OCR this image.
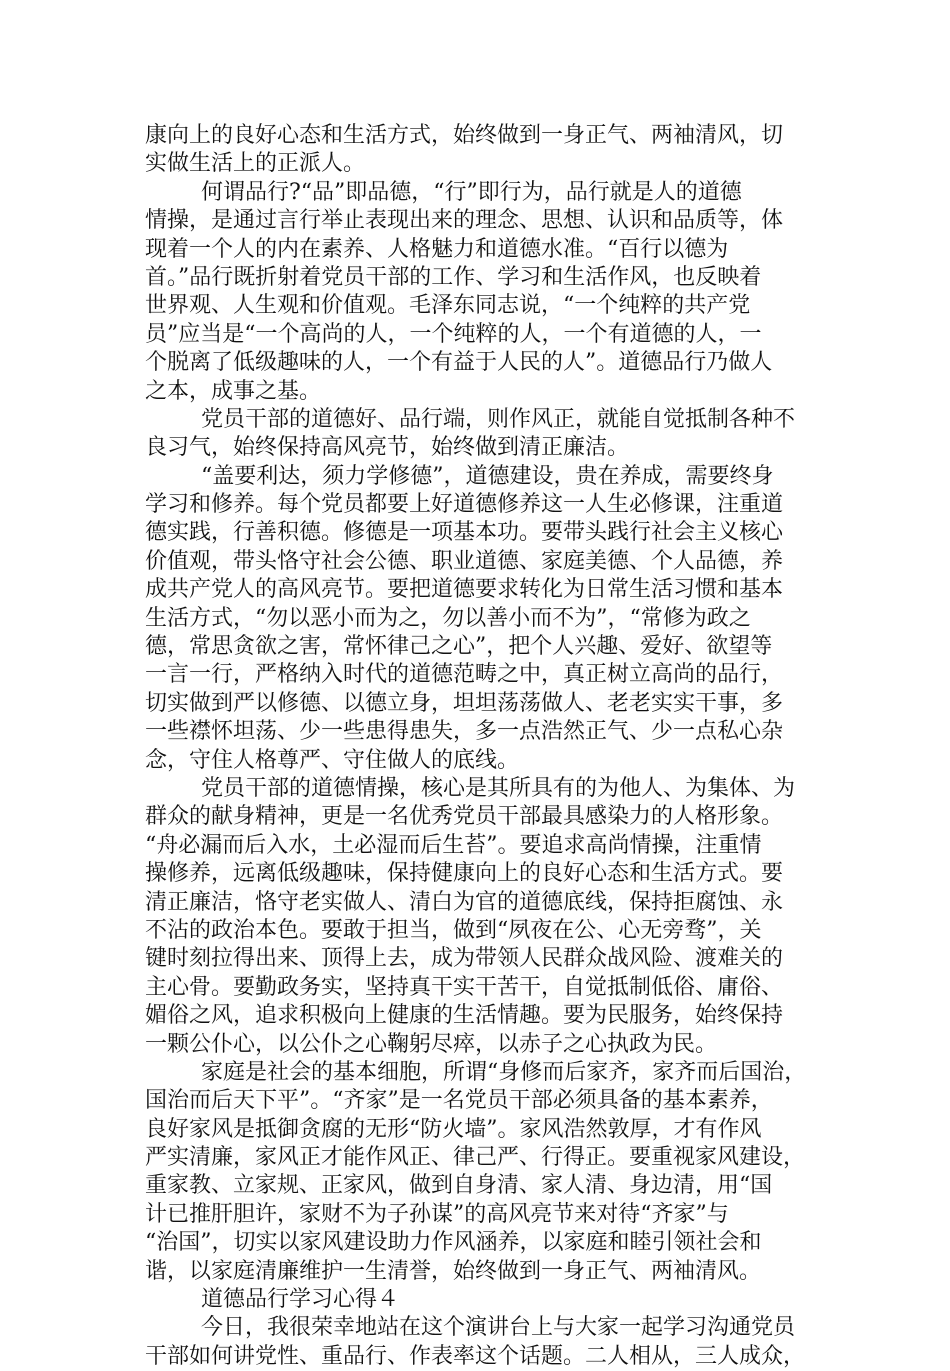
康向上的良好心态和生活方式，始终做到一身正气、两袖清风，切
实做生活上的正派人。
何谓品行?“品”即品德，“行”即行为，品行就是人的道德
情操，是通过言行举止表现出来的理念、思想、认识和品质等，体
现着一个人的内在素养、人格魅力和道德水准。“百行以德为
首。”品行既折射着党员干部的工作、学习和生活作风，也反映着
世界观、人生观和价值观。毛泽东同志说，“一个纯粹的共产党
员”应当是“一个高尚的人，一个纯粹的人，一个有道德的人，一
个脱离了低级趣味的人，一个有益于人民的人”。道德品行乃做人
之本，成事之基。
党员干部的道德好、品行端，则作风正，就能自觉抵制各种不
良习气，始终保持高风亮节，始终做到清正廉洁。
“盖要利达，须力学修德”，道德建设，贵在养成，需要终身
学习和修养。每个党员都要上好道德修养这一人生必修课，注重道
德实践，行善积德。修德是一项基本功。要带头践行社会主义核心
价值观，带头恪守社会公德、职业道德、家庭美德、个人品德，养
成共产党人的高风亮节。要把道德要求转化为日常生活习惯和基本
生活方式，“勿以恶小而为之，勿以善小而不为”，“常修为政之
德，常思贪欲之害，常怀律己之心”，把个人兴趣、爱好、欲望等
一言一行，严格纳入时代的道德范畴之中，真正树立高尚的品行，
切实做到严以修德、以德立身，坦坦荡荡做人、老老实实干事，多
一些襟怀坦荡、少一些患得患失，多一点浩然正气、少一点私心杂
念，守住人格尊严、守住做人的底线。
党员干部的道德情操，核心是其所具有的为他人、为集体、为
群众的献身精神，更是一名优秀党员干部最具感染力的人格形象。
“舟必漏而后入水，土必湿而后生苔”。要追求高尚情操，注重情
操修养，远离低级趣味，保持健康向上的良好心态和生活方式。要
清正廉洁，恪守老实做人、清白为官的道德底线，保持拒腐蚀、永
不沾的政治本色。要敢于担当，做到“夙夜在公、心无旁骛”，关
键时刻拉得出来、顶得上去，成为带领人民群众战风险、渡难关的
主心骨。要勤政务实，坚持真干实干苦干，自觉抵制低俗、庸俗、
媚俗之风，追求积极向上健康的生活情趣。要为民服务，始终保持
一颗公仆心，以公仆之心鞠躬尽瘁，以赤子之心执政为民。
家庭是社会的基本细胞，所谓“身修而后家齐，家齐而后国治，
国治而后天下平”。“齐家”是一名党员干部必须具备的基本素养，
良好家风是抵御贪腐的无形“防火墙”。家风浩然敦厚，才有作风
严实清廉，家风正才能作风正、律己严、行得正。要重视家风建设，
重家教、立家规、正家风，做到自身清、家人清、身边清，用“国
计已推肝胆许，家财不为子孙谋”的高风亮节来对待“齐家”与
“治国”，切实以家风建设助力作风涵养，以家庭和睦引领社会和
谐，以家庭清廉维护一生清誉，始终做到一身正气、两袖清风。
道德品行学习心得４
今日，我很荣幸地站在这个演讲台上与大家一起学习沟通党员
干部如何讲党性、重品行、作表率这个话题。二人相从，三人成众，
